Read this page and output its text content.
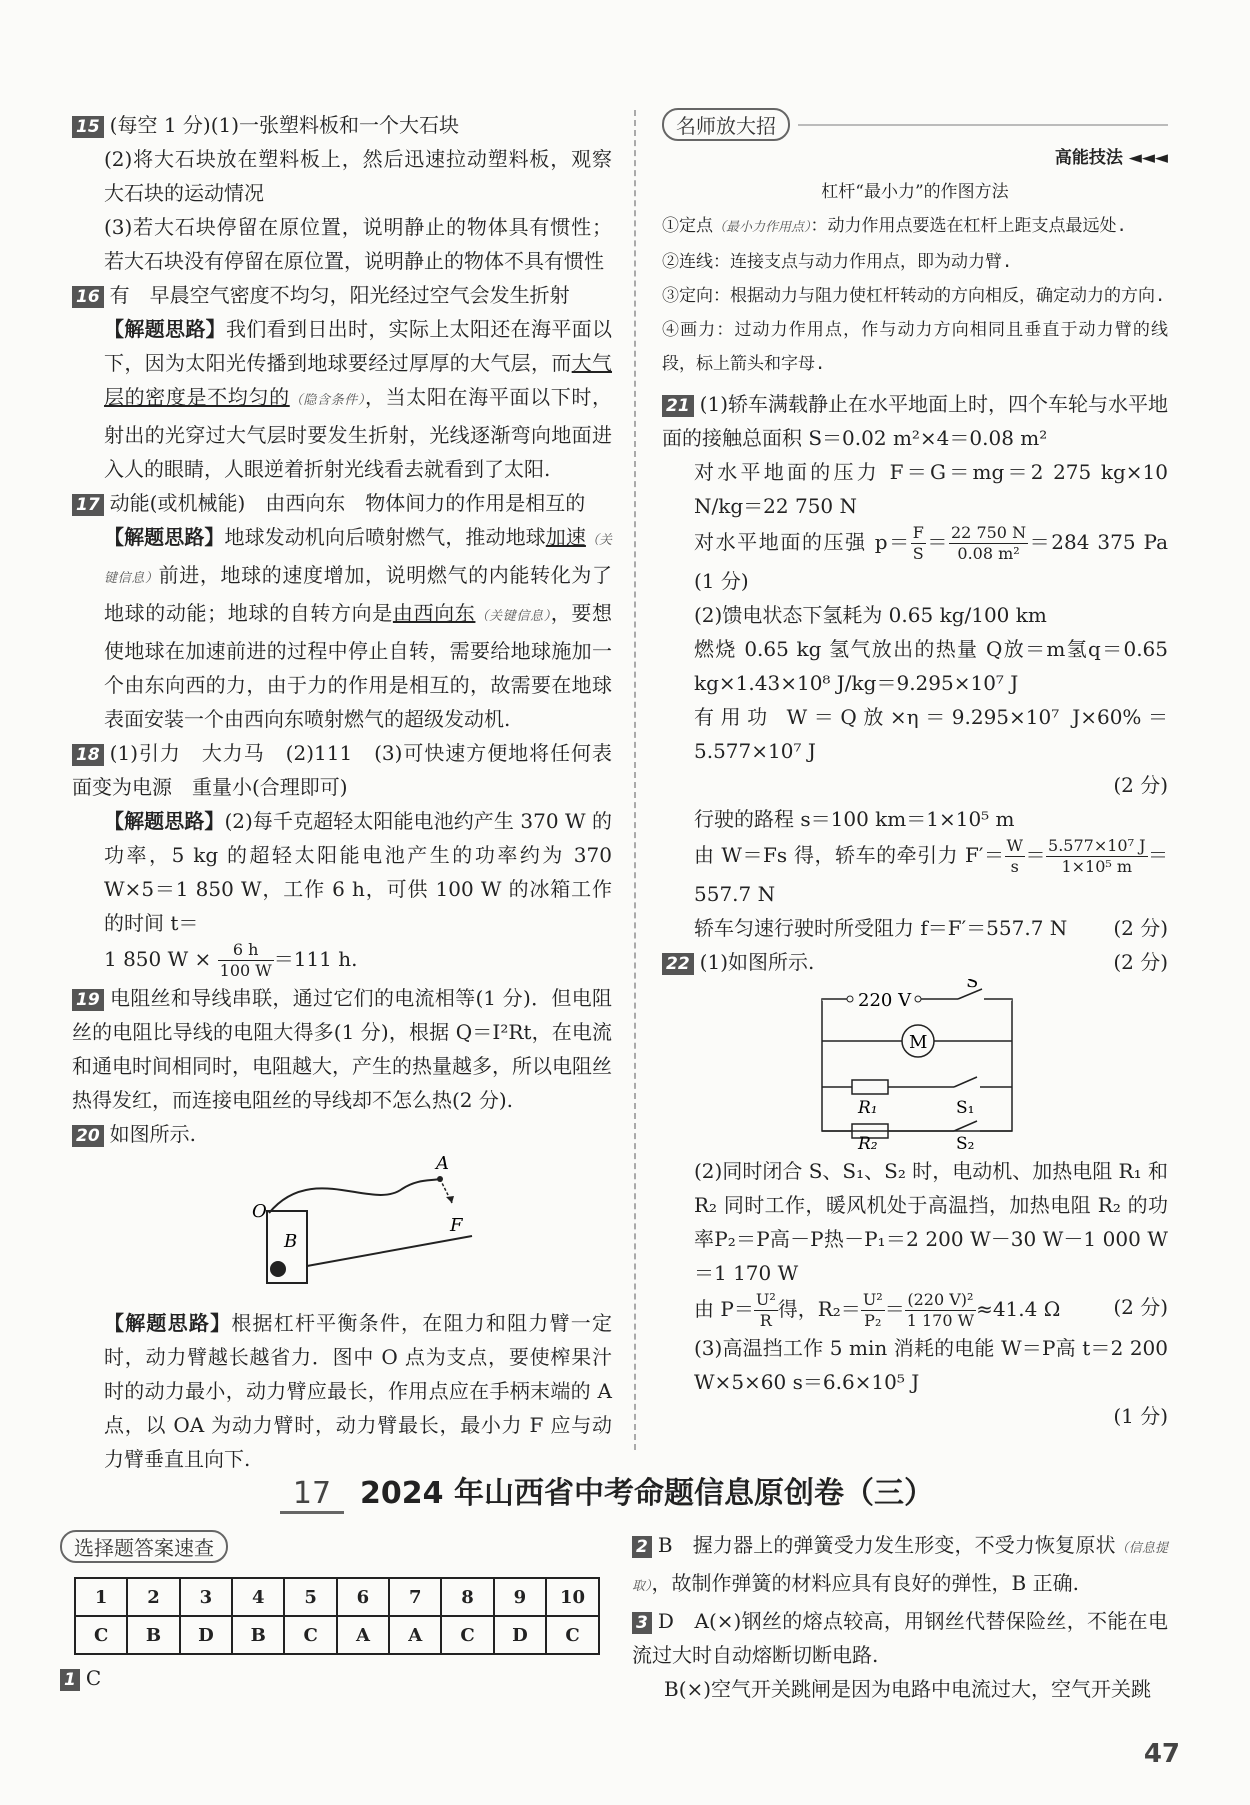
15 (每空 1 分)(1)一张塑料板和一个大石块

(2)将大石块放在塑料板上，然后迅速拉动塑料板，观察大石块的运动情况

(3)若大石块停留在原位置，说明静止的物体具有惯性；若大石块没有停留在原位置，说明静止的物体不具有惯性

16 有　早晨空气密度不均匀，阳光经过空气会发生折射

【解题思路】我们看到日出时，实际上太阳还在海平面以下，因为太阳光传播到地球要经过厚厚的大气层，而大气层的密度是不均匀的（隐含条件），当太阳在海平面以下时，射出的光穿过大气层时要发生折射，光线逐渐弯向地面进入人的眼睛，人眼逆着折射光线看去就看到了太阳.

17 动能(或机械能)　由西向东　物体间力的作用是相互的

【解题思路】地球发动机向后喷射燃气，推动地球加速（关键信息）前进，地球的速度增加，说明燃气的内能转化为了地球的动能；地球的自转方向是由西向东（关键信息），要想使地球在加速前进的过程中停止自转，需要给地球施加一个由东向西的力，由于力的作用是相互的，故需要在地球表面安装一个由西向东喷射燃气的超级发动机.

18 (1)引力　大力马　(2)111　(3)可快速方便地将任何表面变为电源　重量小(合理即可)

【解题思路】(2)每千克超轻太阳能电池约产生 370 W 的功率，5 kg 的超轻太阳能电池产生的功率约为 370 W×5＝1 850 W，工作 6 h，可供 100 W 的冰箱工作的时间 t＝

1 850 $W \times \frac{6 h}{100 W} =111$ h.

19 电阻丝和导线串联，通过它们的电流相等(1 分)．但电阻丝的电阻比导线的电阻大得多(1 分)，根据 Q＝I²Rt，在电流和通电时间相同时，电阻越大，产生的热量越多，所以电阻丝热得发红，而连接电阻丝的导线却不怎么热(2 分).

20 如图所示.

A
O
B
F

【解题思路】根据杠杆平衡条件，在阻力和阻力臂一定时，动力臂越长越省力．图中 O 点为支点，要使榨果汁时的动力最小，动力臂应最长，作用点应在手柄末端的 A 点，以 OA 为动力臂时，动力臂最长，最小力 F 应与动力臂垂直且向下.

名师放大招

高能技法 ◄◄◄

杠杆“最小力”的作图方法

①定点（最小力作用点）：动力作用点要选在杠杆上距支点最远处.

②连线：连接支点与动力作用点，即为动力臂.

③定向：根据动力与阻力使杠杆转动的方向相反，确定动力的方向.

④画力：过动力作用点，作与动力方向相同且垂直于动力臂的线段，标上箭头和字母.

21 (1)轿车满载静止在水平地面上时，四个车轮与水平地面的接触总面积 S＝0.02 m²×4＝0.08 m²

对水平地面的压力 F＝G＝mg＝2 275 kg×10 N/kg＝22 750 N

对水平地面的压强 $p= \frac{F}{S} = \frac{22 750 N}{\text{0.08 m²}} =284$ 375 Pa　(1 分)

(2)馈电状态下氢耗为 0.65 kg/100 km

燃烧 0.65 kg 氢气放出的热量 Q放＝m氢q＝0.65 kg×1.43×10⁸ J/kg＝9.295×10⁷ J

有用功 W＝Q放×η＝9.295×10⁷ J×60%＝5.577×10⁷ J

(2 分)

行驶的路程 s＝100 km＝1×10⁵ m

由 W＝Fs 得，轿车的牵引力 $F'= \frac{W}{s} = \frac{\text{5.577×10⁷ J}}{\text{1×10⁵ m}} =557.7$ N

轿车匀速行驶时所受阻力 f＝F′＝557.7 N (2 分)

22 (1)如图所示.	(2 分)

220 V
S
M
R₁	S₁
R₂	S₂

(2)同时闭合 S、S₁、S₂ 时，电动机、加热电阻 R₁ 和 R₂ 同时工作，暖风机处于高温挡，加热电阻 R₂ 的功率P₂＝P高－P热－P₁＝2 200 W－30 W－1 000 W＝1 170 W

由 $P= \frac{\text{U²}}{R}$ 得，$R_2= \frac{\text{U²}}{\text{P₂}} = \frac{\text{(220 V)²}}{1 170 W} \approx 41.4$ Ω	(2 分)

(3)高温挡工作 5 min 消耗的电能 W＝P高 t＝2 200 W×5×60 s＝6.6×10⁵ J

(1 分)

17 2024 年山西省中考命题信息原创卷（三）
选择题答案速查
1	2	3	4	5	6	7	8	9	10
C	B	D	B	C	A	A	C	D	C

1 C

2 B　握力器上的弹簧受力发生形变，不受力恢复原状（信息提取），故制作弹簧的材料应具有良好的弹性，B 正确.

3 D　A(×)钢丝的熔点较高，用钢丝代替保险丝，不能在电流过大时自动熔断切断电路.

B(×)空气开关跳闸是因为电路中电流过大，空气开关跳

47
